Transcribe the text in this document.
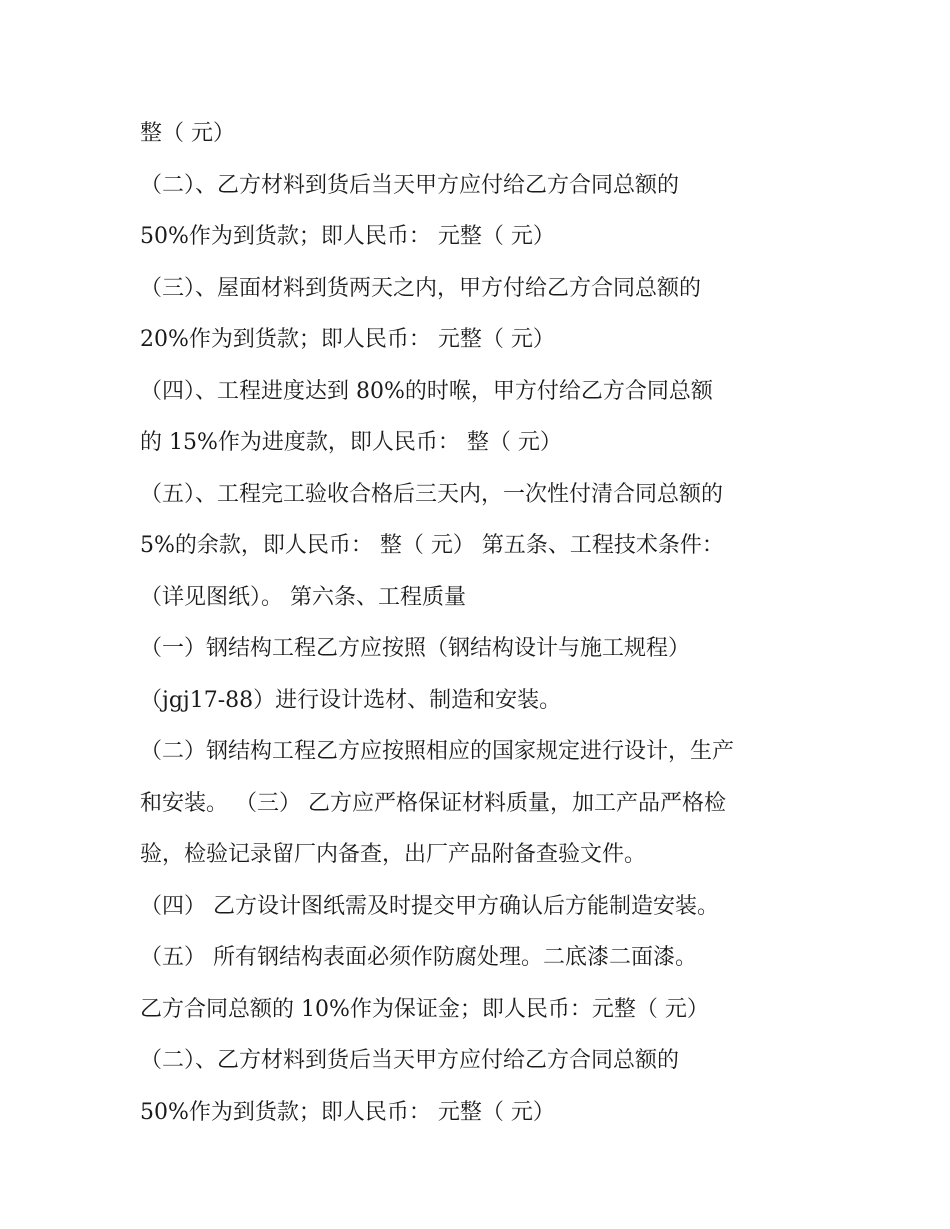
整（ 元）

（二）、乙方材料到货后当天甲方应付给乙方合同总额的

50%作为到货款；即人民币： 元整（ 元）

（三）、屋面材料到货两天之内，甲方付给乙方合同总额的

20%作为到货款；即人民币： 元整（ 元）

（四）、工程进度达到 80%的时喉，甲方付给乙方合同总额

的 15%作为进度款，即人民币： 整（ 元）

（五）、工程完工验收合格后三天内，一次性付清合同总额的

5%的余款，即人民币： 整（ 元） 第五条、工程技术条件：

（详见图纸）。 第六条、工程质量

（一）钢结构工程乙方应按照（钢结构设计与施工规程）

（jgj17-88）进行设计选材、制造和安装。

（二）钢结构工程乙方应按照相应的国家规定进行设计，生产

和安装。 （三） 乙方应严格保证材料质量，加工产品严格检

验，检验记录留厂内备查，出厂产品附备查验文件。

（四） 乙方设计图纸需及时提交甲方确认后方能制造安装。

（五） 所有钢结构表面必须作防腐处理。二底漆二面漆。

乙方合同总额的 10%作为保证金；即人民币：元整（ 元）

（二）、乙方材料到货后当天甲方应付给乙方合同总额的

50%作为到货款；即人民币： 元整（ 元）
